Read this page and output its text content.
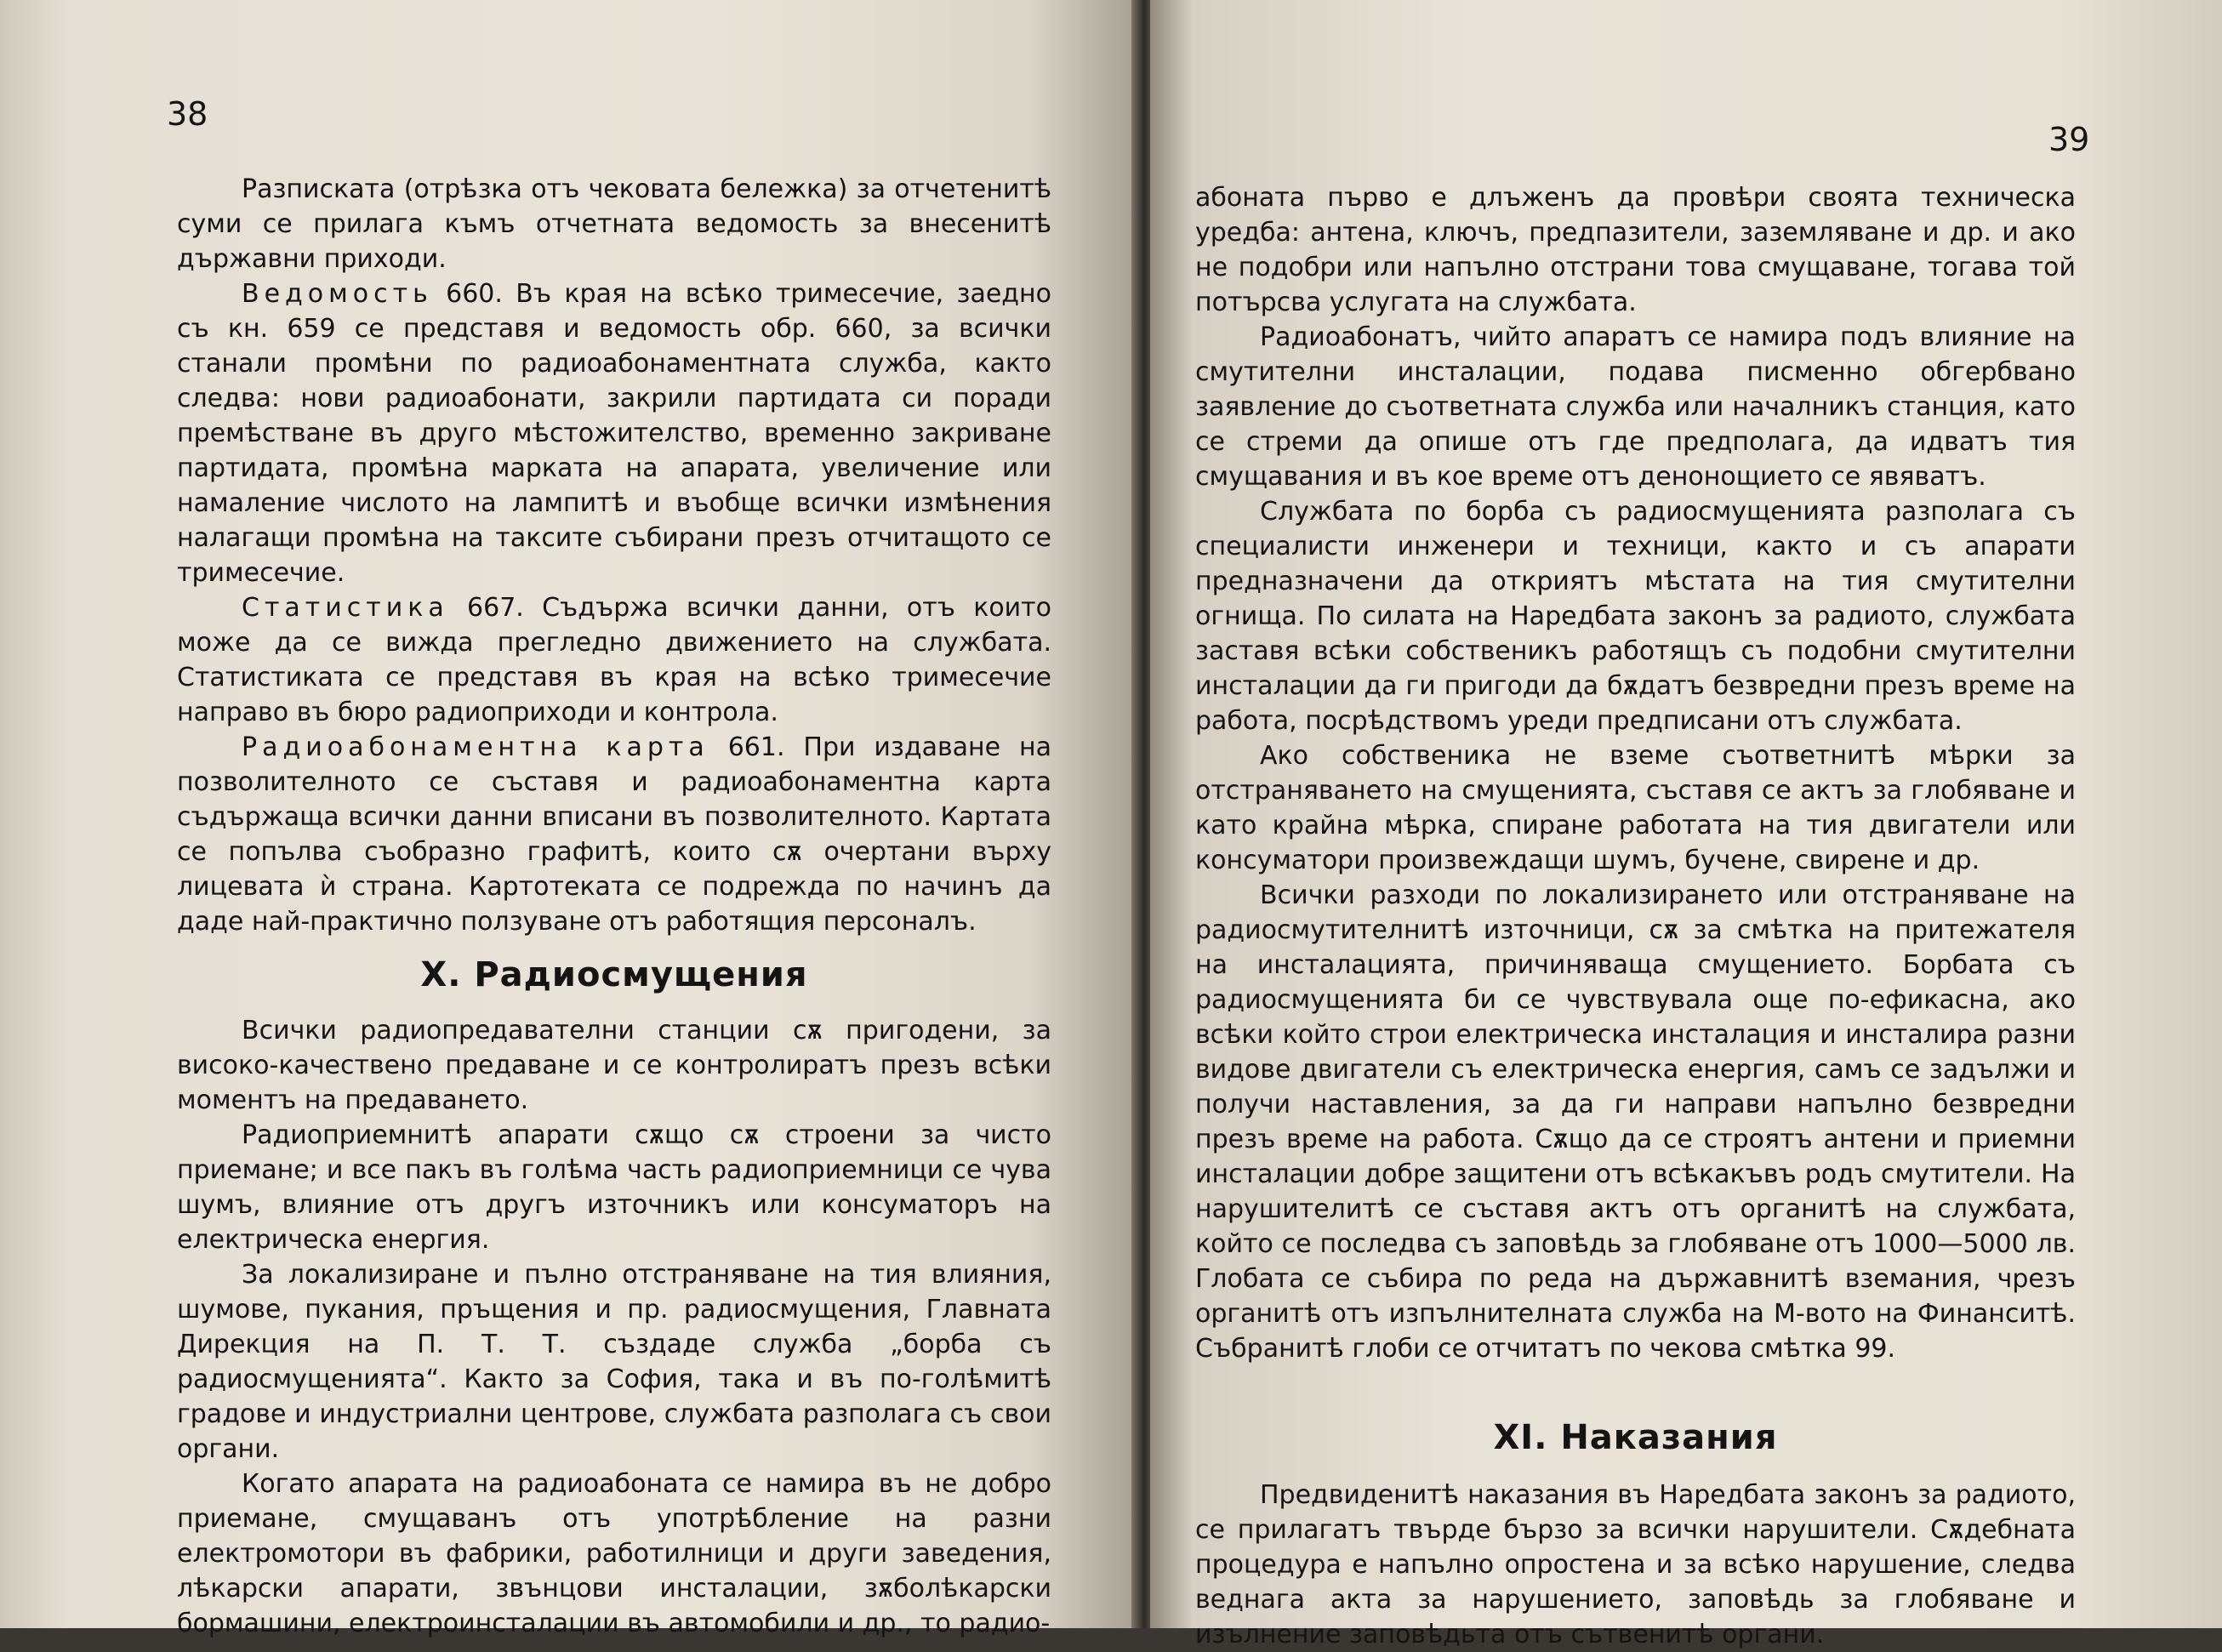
38

Разписката (отрѣзка отъ чековата бележка) за отчетенитѣ суми се прилага къмъ отчетната ведомость за внесенитѣ държавни приходи.

Ведомость 660. Въ края на всѣко тримесечие, заедно съ кн. 659 се представя и ведомость обр. 660, за всички станали промѣни по радиоабонаментната служба, както следва: нови радиоабонати, закрили партидата си поради премѣстване въ друго мѣстожителство, временно закриване партидата, промѣна марката на апарата, увеличение или намаление числото на лампитѣ и въобще всички измѣнения налагащи промѣна на таксите събирани презъ отчитащото се тримесечие.

Статистика 667. Съдържа всички данни, отъ които може да се вижда прегледно движението на службата. Статистиката се представя въ края на всѣко тримесечие направо въ бюро радиоприходи и контрола.

Радиоабонаментна карта 661. При издаване на позволителното се съставя и радиоабонаментна карта съдържаща всички данни вписани въ позволителното. Картата се попълва съобразно графитѣ, които сѫ очертани върху лицевата ѝ страна. Картотеката се подрежда по начинъ да даде най-практично ползуване отъ работящия персоналъ.

X. Радиосмущения

Всички радиопредавателни станции сѫ пригодени, за високо-качествено предаване и се контролиратъ презъ всѣки моментъ на предаването.

Радиоприемнитѣ апарати сѫщо сѫ строени за чисто приемане; и все пакъ въ голѣма часть радиоприемници се чува шумъ, влияние отъ другъ източникъ или консуматоръ на електрическа енергия.

За локализиране и пълно отстраняване на тия влияния, шумове, пукания, пръщения и пр. радиосмущения, Главната Дирекция на П. Т. Т. създаде служба „борба съ радиосмущенията“. Както за София, така и въ по-голѣмитѣ градове и индустриални центрове, службата разполага съ свои органи.

Когато апарата на радиоабоната се намира въ не добро приемане, смущаванъ отъ употрѣбление на разни електромотори въ фабрики, работилници и други заведения, лѣкарски апарати, звънцови инсталации, зѫболѣкарски бормашини, електроинсталации въ автомобили и др., то радио-

39

абоната първо е длъженъ да провѣри своята техническа уредба: антена, ключъ, предпазители, заземляване и др. и ако не подобри или напълно отстрани това смущаване, тогава той потърсва услугата на службата.

Радиоабонатъ, чийто апаратъ се намира подъ влияние на смутителни инсталации, подава писменно обгербвано заявление до съответната служба или началникъ станция, като се стреми да опише отъ где предполага, да идватъ тия смущавания и въ кое време отъ денонощието се явяватъ.

Службата по борба съ радиосмущенията разполага съ специалисти инженери и техници, както и съ апарати предназначени да откриятъ мѣстата на тия смутителни огнища. По силата на Наредбата законъ за радиото, службата заставя всѣки собственикъ работящъ съ подобни смутителни инсталации да ги пригоди да бѫдатъ безвредни презъ време на работа, посрѣдствомъ уреди предписани отъ службата.

Ако собственика не вземе съответнитѣ мѣрки за отстраняването на смущенията, съставя се актъ за глобяване и като крайна мѣрка, спиране работата на тия двигатели или консуматори произвеждащи шумъ, бучене, свирене и др.

Всички разходи по локализирането или отстраняване на радиосмутителнитѣ източници, сѫ за смѣтка на притежателя на инсталацията, причиняваща смущението. Борбата съ радиосмущенията би се чувствувала още по-ефикасна, ако всѣки който строи електрическа инсталация и инсталира разни видове двигатели съ електрическа енергия, самъ се задължи и получи наставления, за да ги направи напълно безвредни презъ време на работа. Сѫщо да се строятъ антени и приемни инсталации добре защитени отъ всѣкакъвъ родъ смутители. На нарушителитѣ се съставя актъ отъ органитѣ на службата, който се последва съ заповѣдь за глобяване отъ 1000—5000 лв. Глобата се събира по реда на държавнитѣ вземания, чрезъ органитѣ отъ изпълнителната служба на М-вото на Финанситѣ. Събранитѣ глоби се отчитатъ по чекова смѣтка 99.

XI. Наказания

Предвиденитѣ наказания въ Наредбата законъ за радиото, се прилагатъ твърде бързо за всички нарушители. Сѫдебната процедура е напълно опростена и за всѣко нарушение, следва веднага акта за нарушението, заповѣдь за глобяване и изълнение заповѣдьта отъ сътвенитѣ органи.
